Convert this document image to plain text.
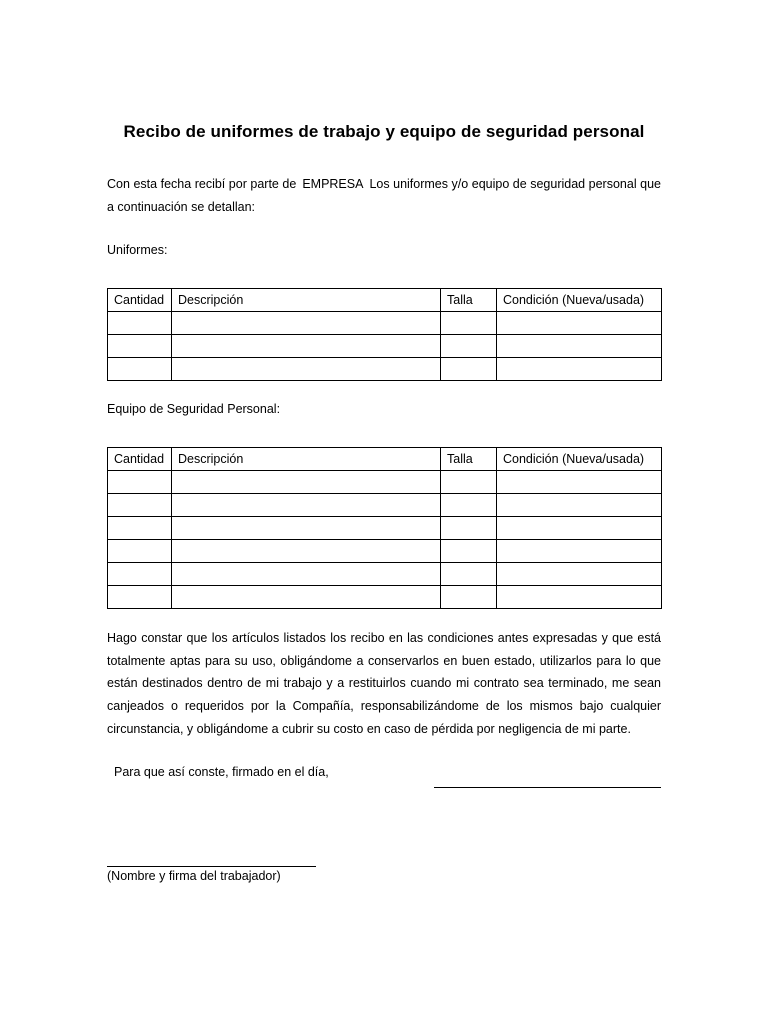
Recibo de uniformes de trabajo y equipo de seguridad personal
Con esta fecha recibí por parte de EMPRESA Los uniformes y/o equipo de seguridad personal que a continuación se detallan:
Uniformes:
Cantidad	Descripción	Talla	Condición (Nueva/usada)

Equipo de Seguridad Personal:
Cantidad	Descripción	Talla	Condición (Nueva/usada)

Hago constar que los artículos listados los recibo en las condiciones antes expresadas y que está totalmente aptas para su uso, obligándome a conservarlos en buen estado, utilizarlos para lo que están destinados dentro de mi trabajo y a restituirlos cuando mi contrato sea terminado, me sean canjeados o requeridos por la Compañía, responsabilizándome de los mismos bajo cualquier circunstancia, y obligándome a cubrir su costo en caso de pérdida por negligencia de mi parte.
Para que así conste, firmado en el día,
(Nombre y firma del trabajador)
